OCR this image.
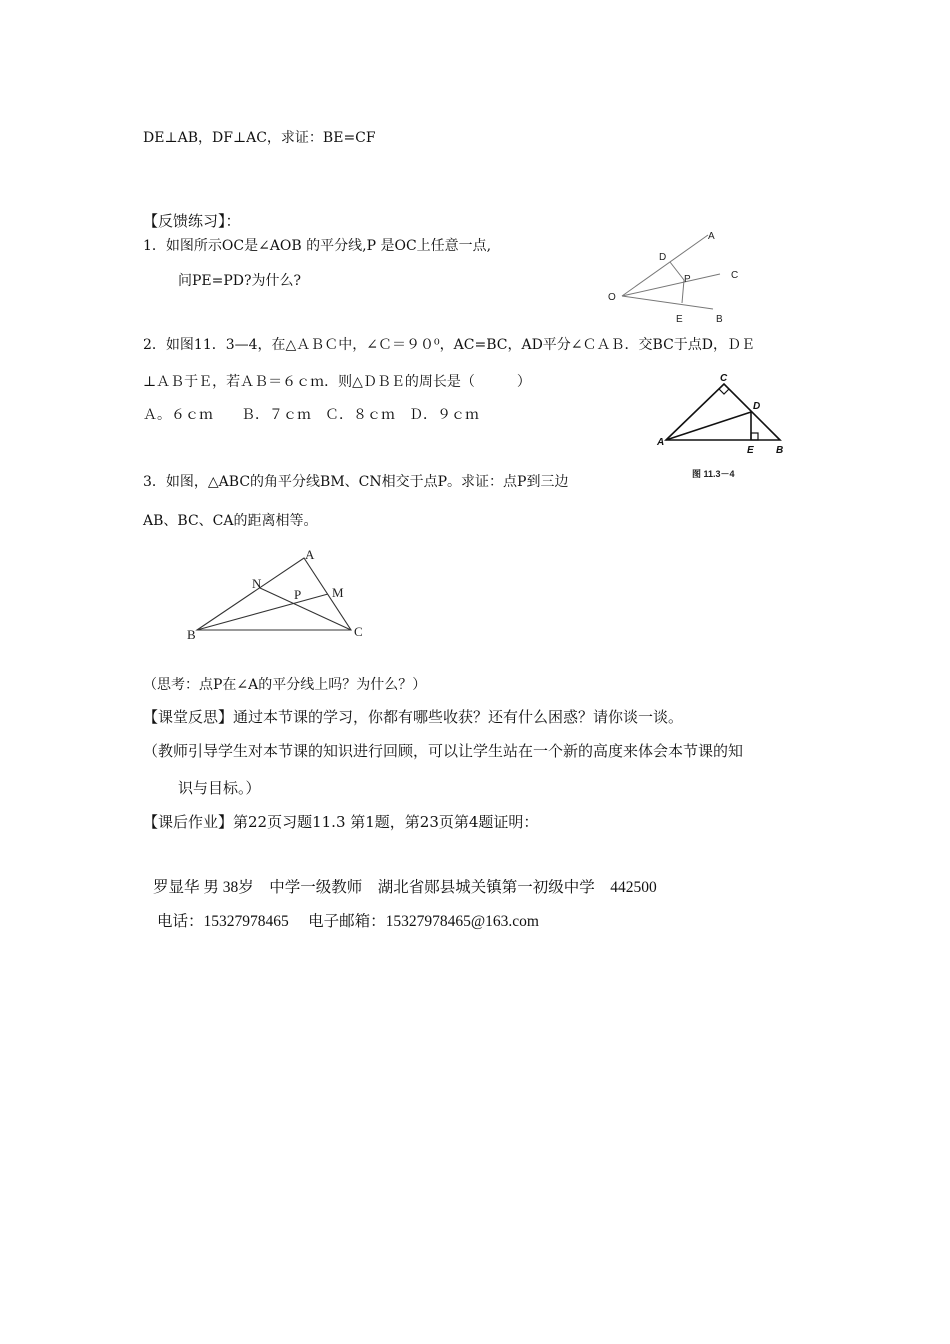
DE⊥AB，DF⊥AC，求证：BE=CF
【反馈练习】：
1．如图所示OC是∠AOB 的平分线,P 是OC上任意一点,
问PE=PD?为什么?
O
A
D
P	C
E	B
2．如图11．3—4，在△ＡＢＣ中，∠Ｃ＝９０⁰，AC=BC，AD平分∠ＣＡＢ．交BC于点D，ＤＥ
⊥ＡＢ于Ｅ，若ＡＢ＝６ｃｍ．则△ＤＢＥ的周长是（　　　）
Ａ。６ｃｍ　　Ｂ．７ｃｍ　Ｃ．８ｃｍ　Ｄ．９ｃｍ
C
D
A
E B
图 11.3－4
3．如图，△ABC的角平分线BM、CN相交于点P。求证：点P到三边
AB、BC、CA的距离相等。
A
N
P M
B	C
（思考：点P在∠A的平分线上吗？为什么？）
【课堂反思】通过本节课的学习，你都有哪些收获？还有什么困惑？请你谈一谈。
（教师引导学生对本节课的知识进行回顾，可以让学生站在一个新的高度来体会本节课的知
识与目标。）
【课后作业】第22页习题11.3 第1题，第23页第4题证明：
罗显华 男 38岁　中学一级教师　湖北省郧县城关镇第一初级中学　442500
电话：15327978465　 电子邮箱：15327978465@163.com
